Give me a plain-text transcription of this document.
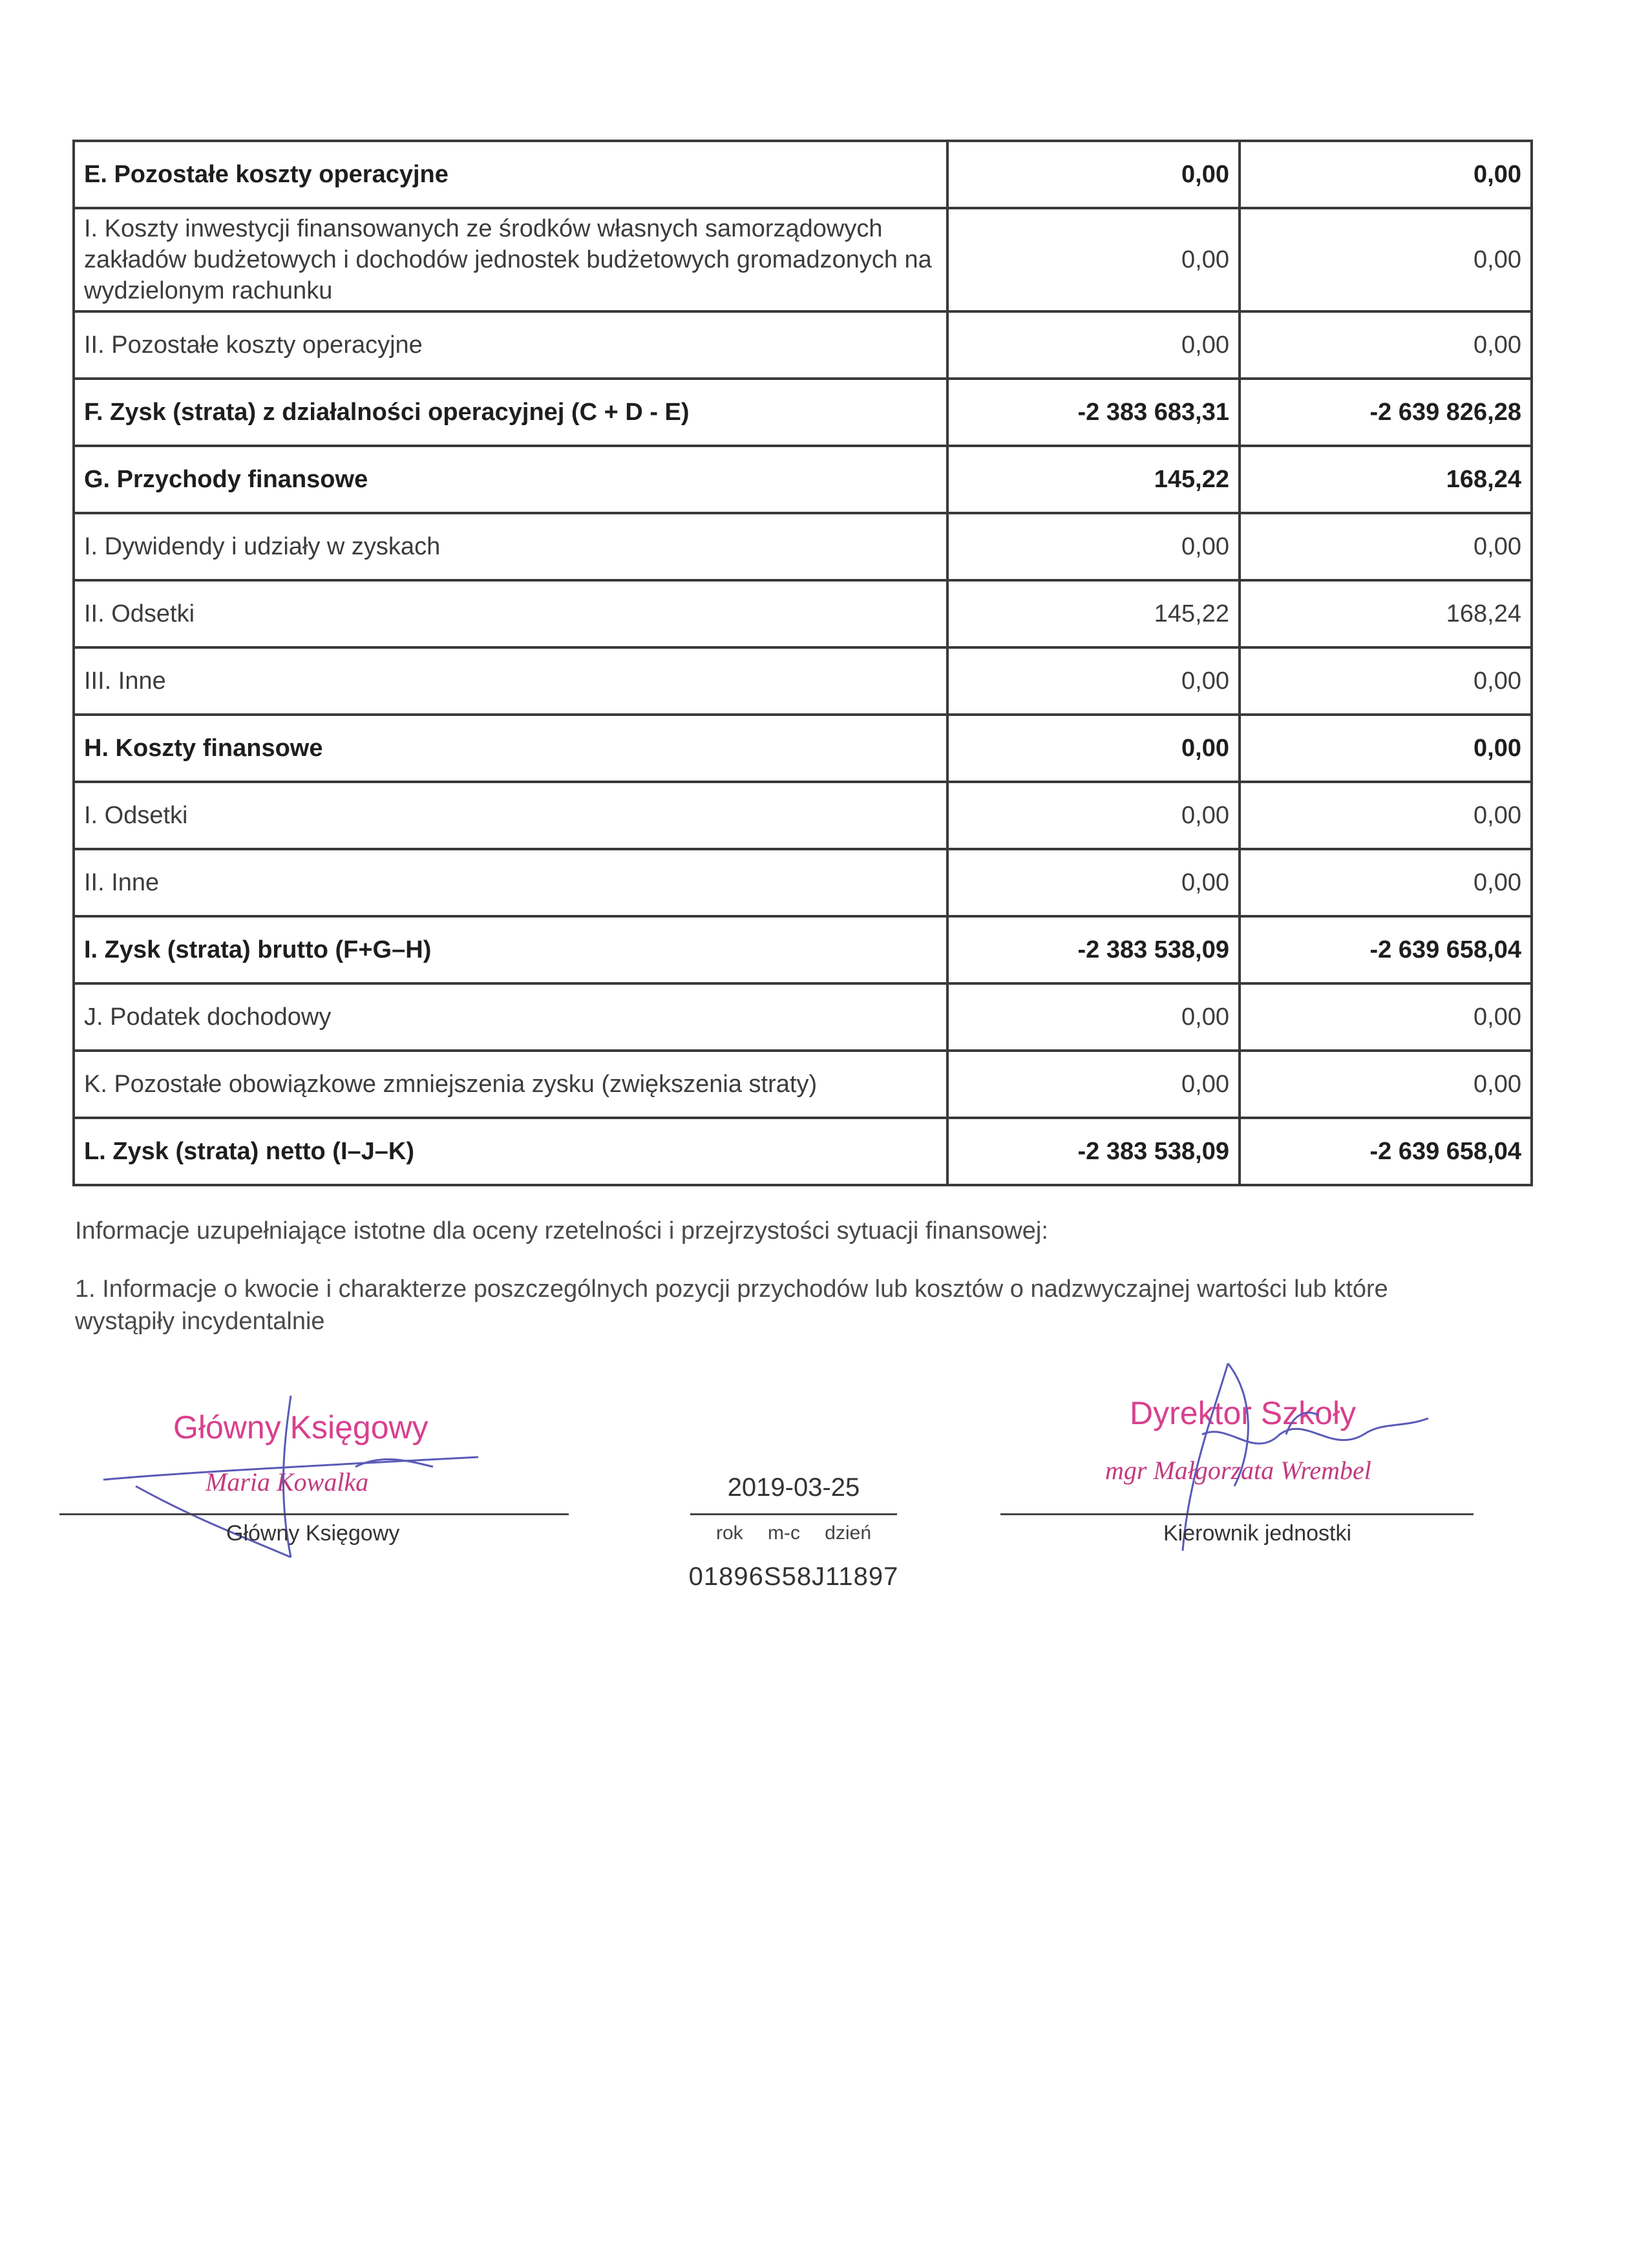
E. Pozostałe koszty operacyjne	0,00	0,00
I. Koszty inwestycji finansowanych ze środków własnych samorządowych zakładów budżetowych i dochodów jednostek budżetowych gromadzonych na wydzielonym rachunku	0,00	0,00
II. Pozostałe koszty operacyjne	0,00	0,00
F. Zysk (strata) z działalności operacyjnej (C + D - E)	-2 383 683,31	-2 639 826,28
G. Przychody finansowe	145,22	168,24
I. Dywidendy i udziały w zyskach	0,00	0,00
II. Odsetki	145,22	168,24
III. Inne	0,00	0,00
H. Koszty finansowe	0,00	0,00
I. Odsetki	0,00	0,00
II. Inne	0,00	0,00
I. Zysk (strata) brutto (F+G–H)	-2 383 538,09	-2 639 658,04
J. Podatek dochodowy	0,00	0,00
K. Pozostałe obowiązkowe zmniejszenia zysku (zwiększenia straty)	0,00	0,00
L. Zysk (strata) netto (I–J–K)	-2 383 538,09	-2 639 658,04

Informacje uzupełniające istotne dla oceny rzetelności i przejrzystości sytuacji finansowej:

1. Informacje o kwocie i charakterze poszczególnych pozycji przychodów lub kosztów o nadzwyczajnej wartości lub które wystąpiły incydentalnie

Główny Księgowy
Maria Kowalka
Główny Księgowy
2019-03-25
rok m-c dzień
01896S58J11897
Dyrektor Szkoły
mgr Małgorzata Wrembel
Kierownik jednostki
